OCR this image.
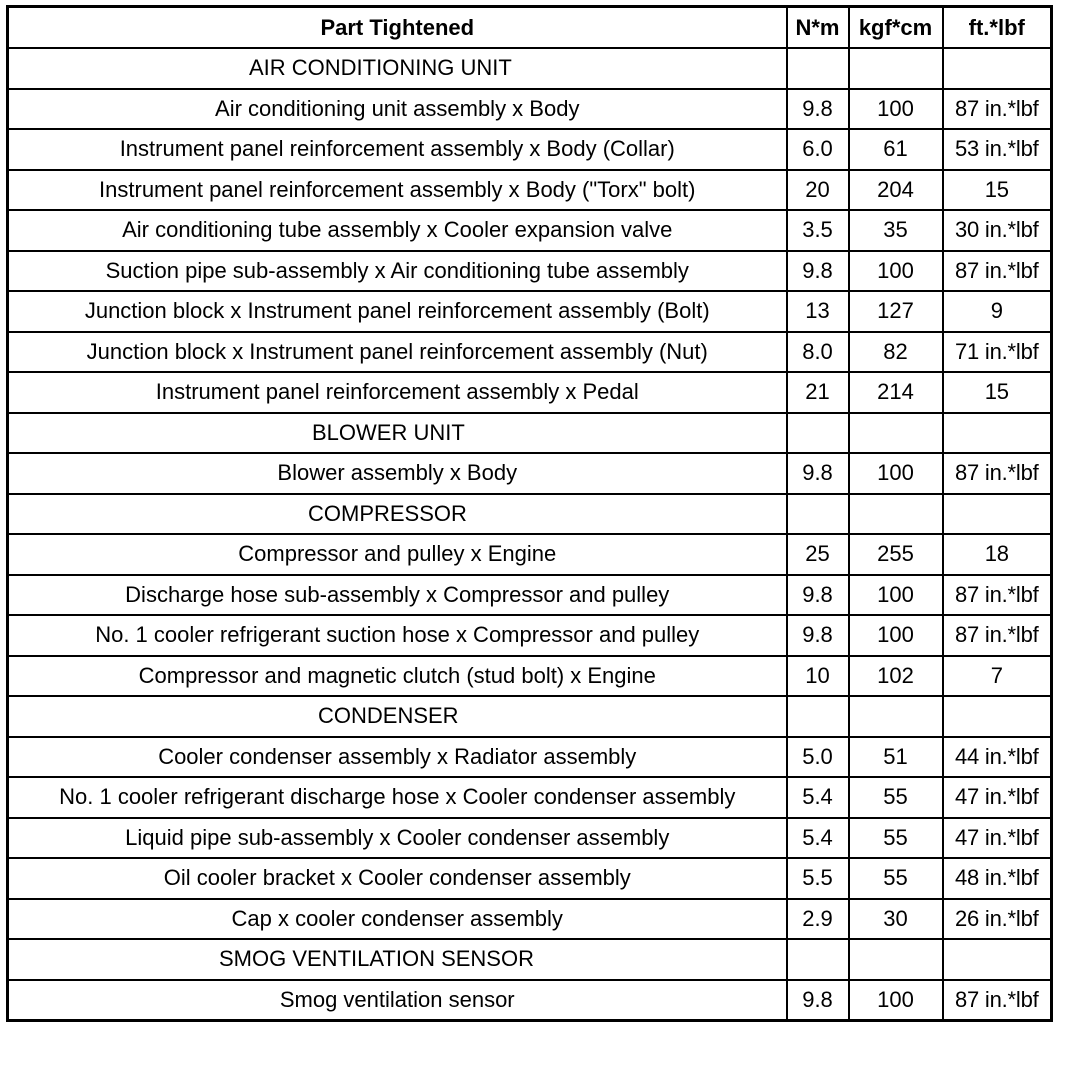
Part Tightened	N*m	kgf*cm	ft.*lbf
AIR CONDITIONING UNIT			
Air conditioning unit assembly x Body	9.8	100	87 in.*lbf
Instrument panel reinforcement assembly x Body (Collar)	6.0	61	53 in.*lbf
Instrument panel reinforcement assembly x Body ("Torx" bolt)	20	204	15
Air conditioning tube assembly x Cooler expansion valve	3.5	35	30 in.*lbf
Suction pipe sub-assembly x Air conditioning tube assembly	9.8	100	87 in.*lbf
Junction block x Instrument panel reinforcement assembly (Bolt)	13	127	9
Junction block x Instrument panel reinforcement assembly (Nut)	8.0	82	71 in.*lbf
Instrument panel reinforcement assembly x Pedal	21	214	15
BLOWER UNIT			
Blower assembly x Body	9.8	100	87 in.*lbf
COMPRESSOR			
Compressor and pulley x Engine	25	255	18
Discharge hose sub-assembly x Compressor and pulley	9.8	100	87 in.*lbf
No. 1 cooler refrigerant suction hose x Compressor and pulley	9.8	100	87 in.*lbf
Compressor and magnetic clutch (stud bolt) x Engine	10	102	7
CONDENSER			
Cooler condenser assembly x Radiator assembly	5.0	51	44 in.*lbf
No. 1 cooler refrigerant discharge hose x Cooler condenser assembly	5.4	55	47 in.*lbf
Liquid pipe sub-assembly x Cooler condenser assembly	5.4	55	47 in.*lbf
Oil cooler bracket x Cooler condenser assembly	5.5	55	48 in.*lbf
Cap x cooler condenser assembly	2.9	30	26 in.*lbf
SMOG VENTILATION SENSOR			
Smog ventilation sensor	9.8	100	87 in.*lbf
